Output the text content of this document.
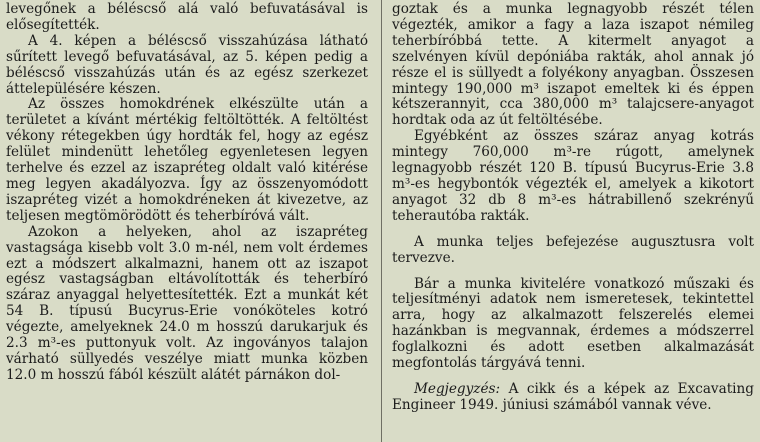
levegőnek a bélésсső alá való befuvatásával is elősegítették.

A 4. képen a bélésсső visszahúzása látható sűrített levegő befuvatásával, az 5. képen pedig a bélésсső visszahúzás után és az egész szerkezet áttelepülésére készen.

Az összes homokdrének elkészülte után a területet a kívánt mértékig feltöltötték. A feltöltést vékony rétegekben úgy hordták fel, hogy az egész felület mindenütt lehetőleg egyenletesen legyen terhelve és ezzel az iszapréteg oldalt való kitérése meg legyen akadályozva. Így az összenyomódott iszapréteg vizét a homokdréneken át kivezetve, az teljesen megtömörödött és teherbíróvá vált.

Azokon a helyeken, ahol az iszapréteg vastagsága kisebb volt 3.0 m-nél, nem volt érdemes ezt a módszert alkalmazni, hanem ott az iszapot egész vastagságban eltávolították és teherbíró száraz anyaggal helyettesítették. Ezt a munkát két 54 B. típusú Bucyrus-Erie vonóköteles kotró végezte, amelyeknek 24.0 m hosszú darukarjuk és 2.3 m³-es puttonyuk volt. Az ingoványos talajon várható süllyedés veszélye miatt munka közben 12.0 m hosszú fából készült alátét párnákon dol-

goztak és a munka legnagyobb részét télen végezték, amikor a fagy a laza iszapot némileg teherbíróbbá tette. A kitermelt anyagot a szelvényen kívül depóniába rakták, ahol annak jó része el is süllyedt a folyékony anyagban. Összesen mintegy 190,000 m³ iszapot emeltek ki és éppen kétszerannyit, cca 380,000 m³ talajcsere-anyagot hordtak oda az út feltöltésébe.

Egyébként az összes száraz anyag kotrás mintegy 760,000 m³-re rúgott, amelynek legnagyobb részét 120 B. típusú Bucyrus-Erie 3.8 m³-es hegybontók végezték el, amelyek a kikotort anyagot 32 db 8 m³-es hátrabillenő szekrényű teherautóba rakták.

A munka teljes befejezése augusztusra volt tervezve.

Bár a munka kivitelére vonatkozó műszaki és teljesítményi adatok nem ismeretesek, tekintettel arra, hogy az alkalmazott felszerelés elemei hazánkban is megvannak, érdemes a módszerrel foglalkozni és adott esetben alkalmazását megfontolás tárgyává tenni.

Megjegyzés: A cikk és a képek az Excavating Engineer 1949. júniusi számából vannak véve.
